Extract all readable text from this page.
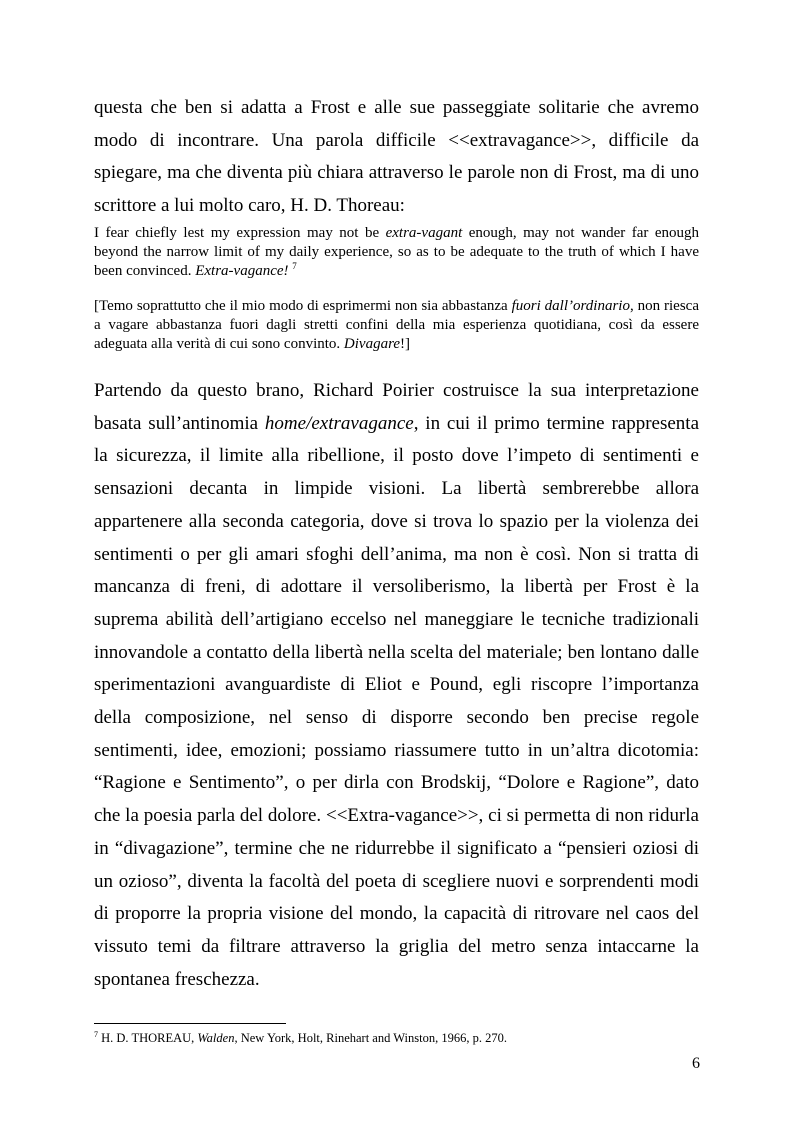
questa che ben si adatta a Frost e alle sue passeggiate solitarie che avremo modo di incontrare. Una parola difficile <<extravagance>>, difficile da spiegare, ma che diventa più chiara attraverso le parole non di Frost, ma di uno scrittore a lui molto caro, H. D. Thoreau:

I fear chiefly lest my expression may not be extra-vagant enough, may not wander far enough beyond the narrow limit of my daily experience, so as to be adequate to the truth of which I have been convinced. Extra-vagance! $^7$

[Temo soprattutto che il mio modo di esprimermi non sia abbastanza fuori dall’ordinario, non riesca a vagare abbastanza fuori dagli stretti confini della mia esperienza quotidiana, così da essere adeguata alla verità di cui sono convinto. Divagare!]

Partendo da questo brano, Richard Poirier costruisce la sua interpretazione basata sull’antinomia home/extravagance, in cui il primo termine rappresenta la sicurezza, il limite alla ribellione, il posto dove l’impeto di sentimenti e sensazioni decanta in limpide visioni. La libertà sembrerebbe allora appartenere alla seconda categoria, dove si trova lo spazio per la violenza dei sentimenti o per gli amari sfoghi dell’anima, ma non è così. Non si tratta di mancanza di freni, di adottare il versoliberismo, la libertà per Frost è la suprema abilità dell’artigiano eccelso nel maneggiare le tecniche tradizionali innovandole a contatto della libertà nella scelta del materiale; ben lontano dalle sperimentazioni avanguardiste di Eliot e Pound, egli riscopre l’importanza della composizione, nel senso di disporre secondo ben precise regole sentimenti, idee, emozioni; possiamo riassumere tutto in un’altra dicotomia: “Ragione e Sentimento”, o per dirla con Brodskij, “Dolore e Ragione”, dato che la poesia parla del dolore. <<Extra-vagance>>, ci si permetta di non ridurla in “divagazione”, termine che ne ridurrebbe il significato a “pensieri oziosi di un ozioso”, diventa la facoltà del poeta di scegliere nuovi e sorprendenti modi di proporre la propria visione del mondo, la capacità di ritrovare nel caos del vissuto temi da filtrare attraverso la griglia del metro senza intaccarne la spontanea freschezza.

$^7$ H. D. THOREAU, Walden, New York, Holt, Rinehart and Winston, 1966, p. 270.

6
